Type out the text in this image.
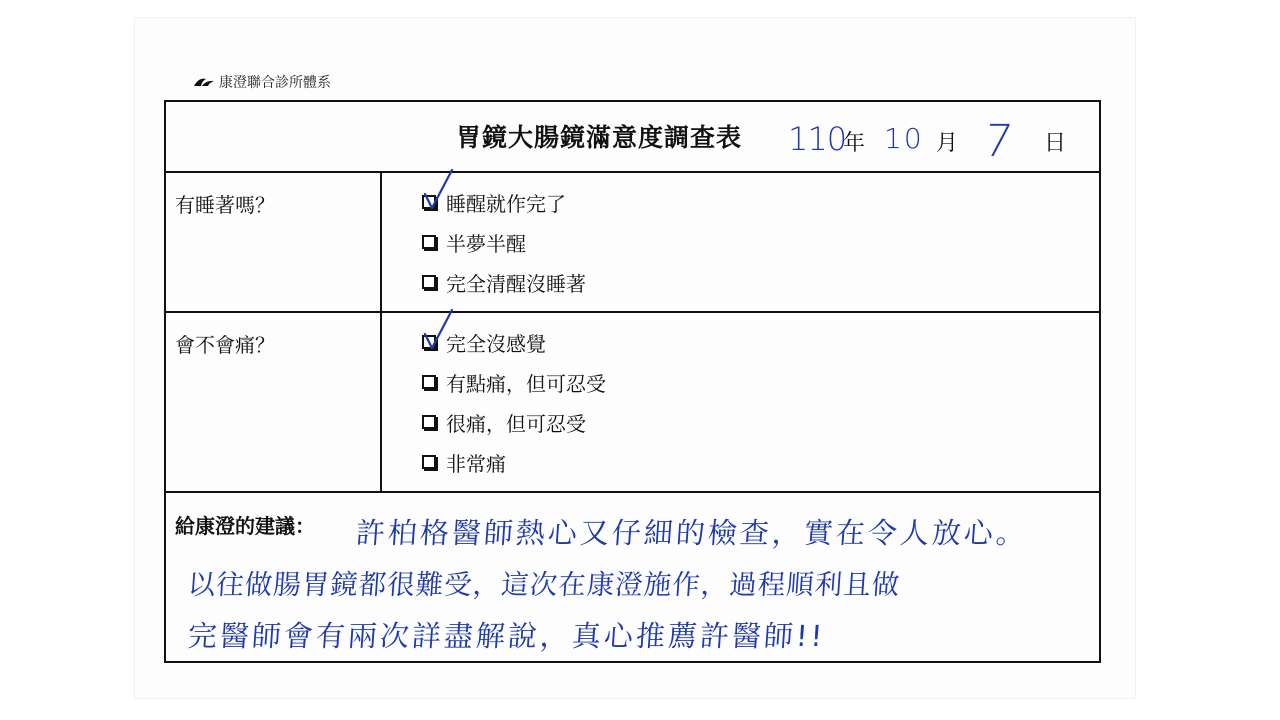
康澄聯合診所體系
胃鏡大腸鏡滿意度調查表 110
年 10 月 7 日
有睡著嗎？	睡醒就作完了
半夢半醒
完全清醒沒睡著
會不會痛？	完全沒感覺
有點痛，但可忍受
很痛，但可忍受
非常痛
給康澄的建議： 許柏格醫師熱心又仔細的檢查，實在令人放心。
以往做腸胃鏡都很難受，這次在康澄施作，過程順利且做
完醫師會有兩次詳盡解說，真心推薦許醫師!!
